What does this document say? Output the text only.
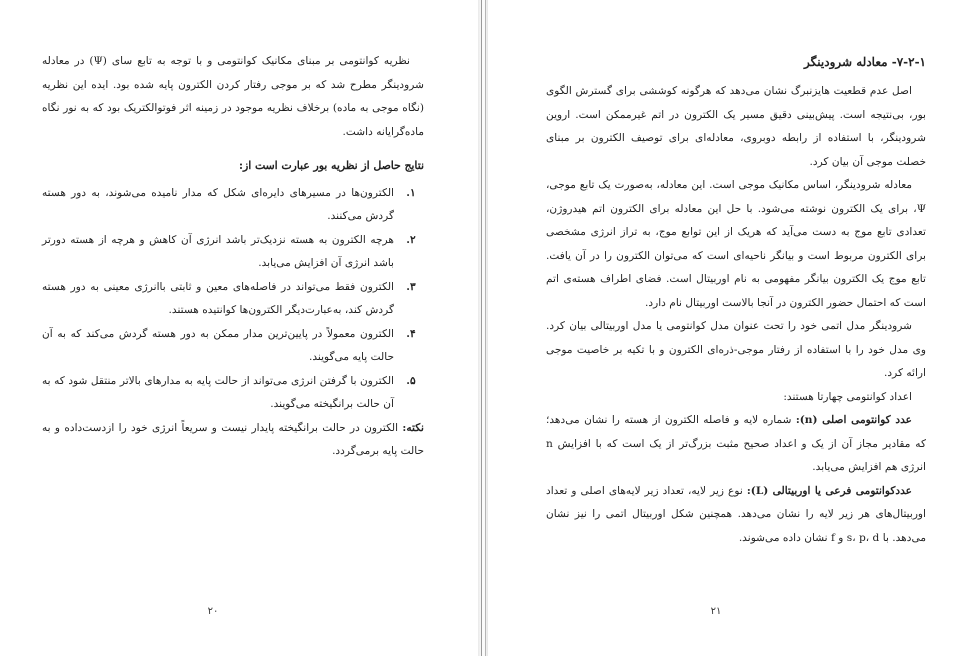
نظریه کوانتومی بر مبنای مکانیک کوانتومی و با توجه به تابع سای (Ψ) در معادله شرودینگر مطرح شد که بر موجی رفتار کردن الکترون پایه شده بود. ایده این نظریه (نگاه موجی به ماده) برخلاف نظریه موجود در زمینه اثر فوتوالکتریک بود که به نور نگاه ماده‌گرایانه داشت.

نتایج حاصل از نظریه بور عبارت است از:

۱.
الکترون‌ها در مسیرهای دایره‌ای شکل که مدار نامیده می‌شوند، به دور هسته گردش می‌کنند.
۲.
هرچه الکترون به هسته نزدیک‌تر باشد انرژی آن کاهش و هرچه از هسته دورتر باشد انرژی آن افزایش می‌یابد.
۳.
الکترون فقط می‌تواند در فاصله‌های معین و ثابتی باانرژی معینی به دور هسته گردش کند، به‌عبارت‌دیگر الکترون‌ها کوانتیده هستند.
۴.
الکترون معمولاً در پایین‌ترین مدار ممکن به دور هسته گردش می‌کند که به آن حالت پایه می‌گویند.
۵.
الکترون با گرفتن انرژی می‌تواند از حالت پایه به مدارهای بالاتر منتقل شود که به آن حالت برانگیخته می‌گویند.

نکته: الکترون در حالت برانگیخته پایدار نیست و سریعاً انرژی خود را ازدست‌داده و به حالت پایه برمی‌گردد.

۲۰

۷-۲-۱- معادله شرودینگر

اصل عدم قطعیت هایزنبرگ نشان می‌دهد که هرگونه کوششی برای گسترش الگوی بور، بی‌نتیجه است. پیش‌بینی دقیق مسیر یک الکترون در اتم غیرممکن است. اروین شرودینگر، با استفاده از رابطه دوبروی، معادله‌ای برای توصیف الکترون بر مبنای خصلت موجی آن بیان کرد.

معادله شرودینگر، اساس مکانیک موجی است. این معادله، به‌صورت یک تابع موجی، Ψ، برای یک الکترون نوشته می‌شود. با حل این معادله برای الکترون اتم هیدروژن، تعدادی تابع موج به دست می‌آید که هریک از این توابع موج، به تراز انرژی مشخصی برای الکترون مربوط است و بیانگر ناحیه‌ای است که می‌توان الکترون را در آن یافت. تابع موج یک الکترون بیانگر مفهومی به نام اوربیتال است. فضای اطراف هسته‌ی اتم است که احتمال حضور الکترون در آنجا بالاست اوربیتال نام دارد.

شرودینگر مدل اتمی خود را تحت عنوان مدل کوانتومی یا مدل اوربیتالی بیان کرد. وی مدل خود را با استفاده از رفتار موجی-ذره‌ای الکترون و با تکیه بر خاصیت موجی ارائه کرد.

اعداد کوانتومی چهارتا هستند:

عدد کوانتومی اصلی (n): شماره لایه و فاصله الکترون از هسته را نشان می‌دهد؛ که مقادیر مجاز آن از یک و اعداد صحیح مثبت بزرگ‌تر از یک است که با افزایش n انرژی هم افزایش می‌یابد.

عددکوانتومی فرعی یا اوربیتالی (L): نوع زیر لایه، تعداد زیر لایه‌های اصلی و تعداد اوربیتال‌های هر زیر لایه را نشان می‌دهد. همچنین شکل اوربیتال اتمی را نیز نشان می‌دهد. با s، p، d و f نشان داده می‌شوند.

۲۱
